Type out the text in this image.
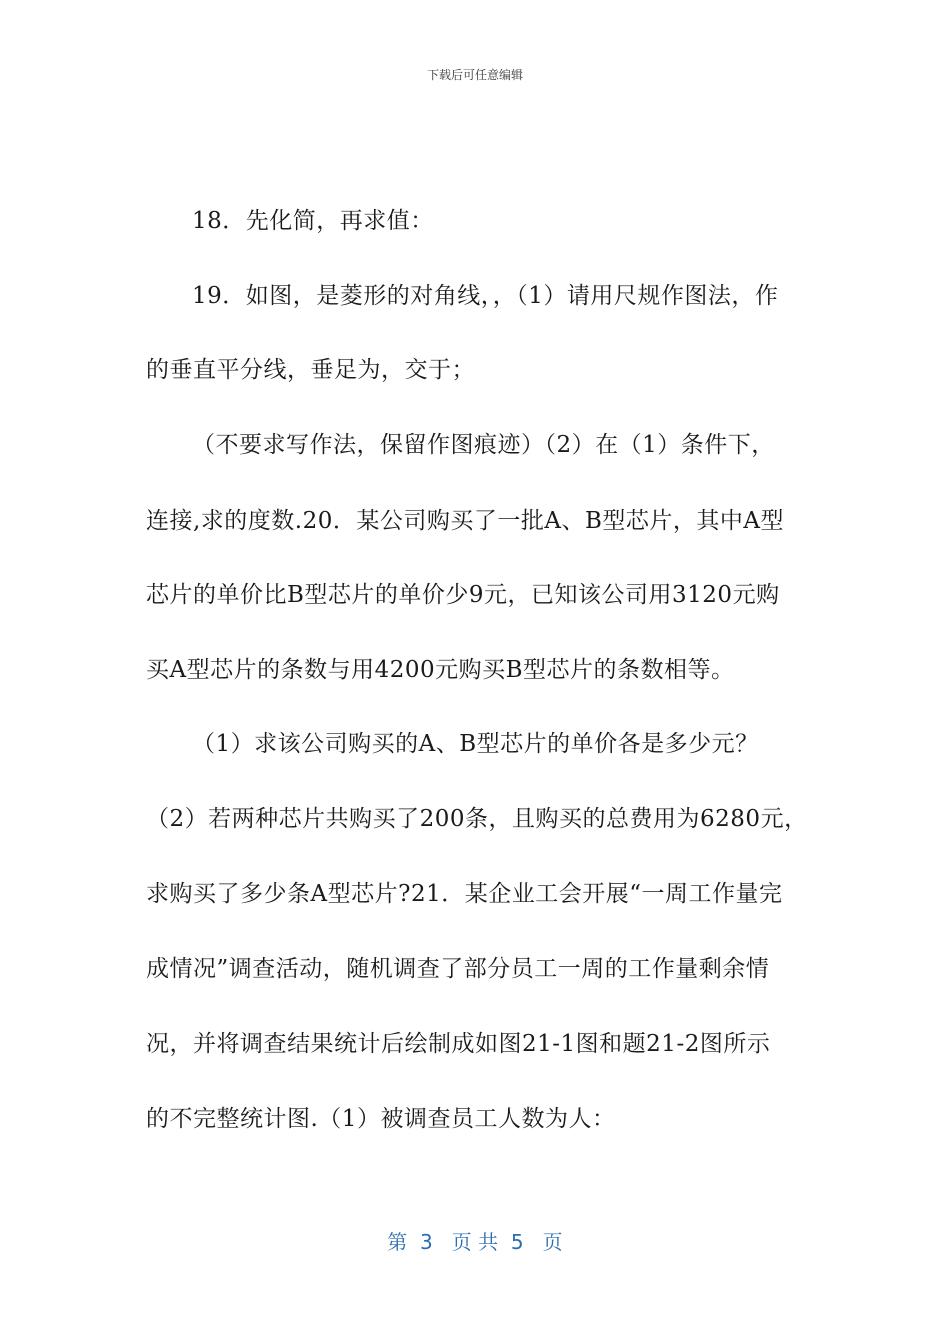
下载后可任意编辑
18．先化简，再求值：
19．如图，是菱形的对角线，，（1）请用尺规作图法，作
的垂直平分线，垂足为，交于；
（不要求写作法，保留作图痕迹）（2）在（1）条件下，
连接,求的度数.20．某公司购买了一批A、B型芯片，其中A型
芯片的单价比B型芯片的单价少9元，已知该公司用3120元购
买A型芯片的条数与用4200元购买B型芯片的条数相等。
（1）求该公司购买的A、B型芯片的单价各是多少元？
（2）若两种芯片共购买了200条，且购买的总费用为6280元，
求购买了多少条A型芯片?21．某企业工会开展“一周工作量完
成情况”调查活动，随机调查了部分员工一周的工作量剩余情
况，并将调查结果统计后绘制成如图21-1图和题21-2图所示
的不完整统计图.（1）被调查员工人数为人：
第  3   页 共  5   页
